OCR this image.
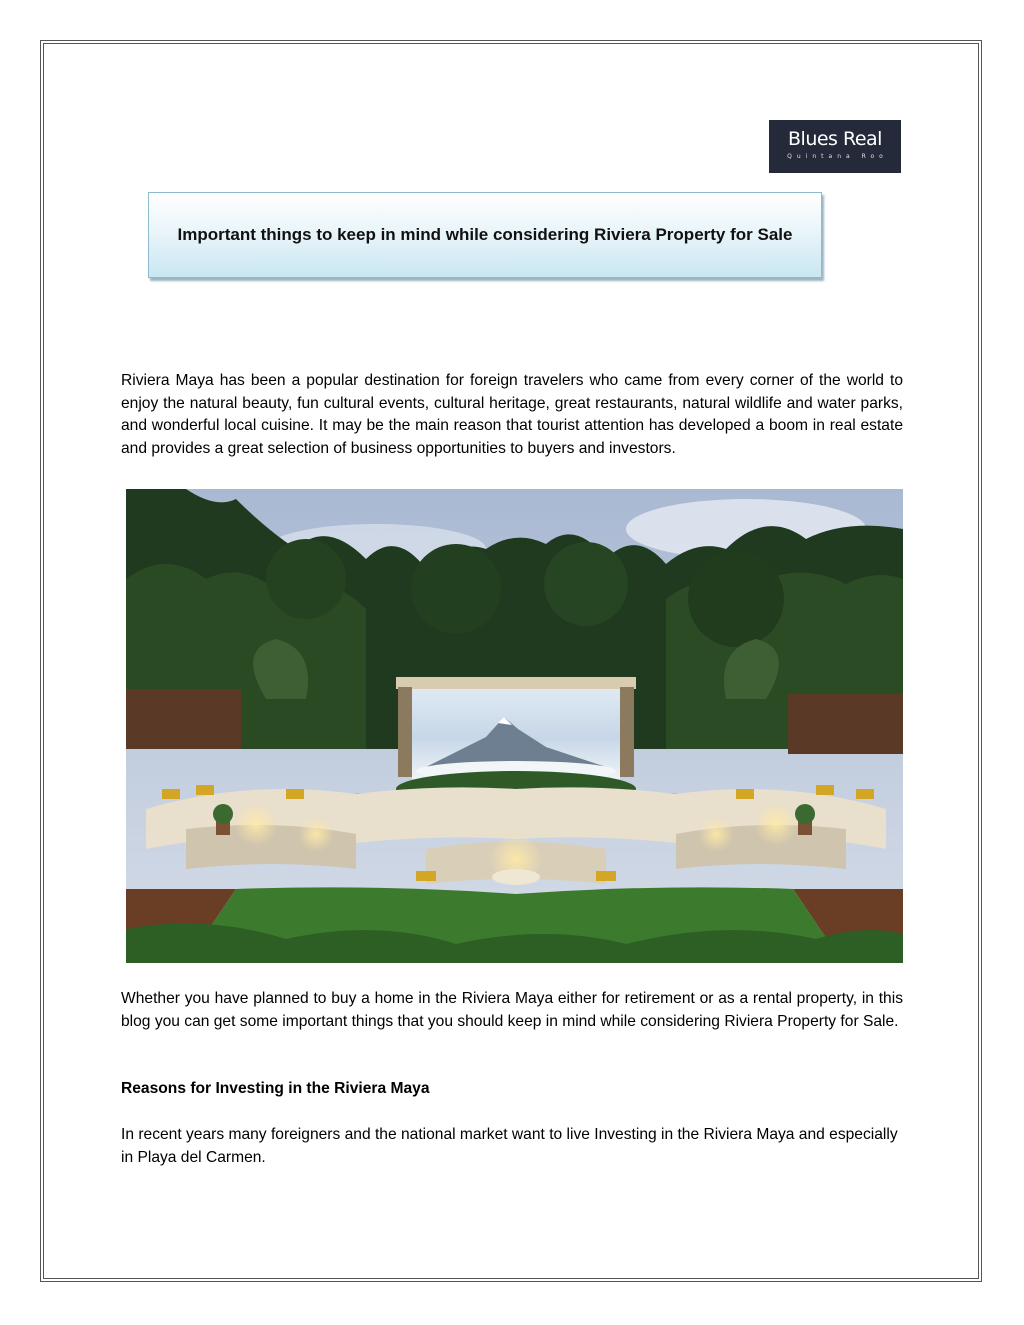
Blues Real
Quintana Roo
Important things to keep in mind while considering Riviera Property for Sale

Riviera Maya has been a popular destination for foreign travelers who came from every corner of the world to enjoy the natural beauty, fun cultural events, cultural heritage, great restaurants, natural wildlife and water parks, and wonderful local cuisine. It may be the main reason that tourist attention has developed a boom in real estate and provides a great selection of business opportunities to buyers and investors.

Whether you have planned to buy a home in the Riviera Maya either for retirement or as a rental property, in this blog you can get some important things that you should keep in mind while considering Riviera Property for Sale.

Reasons for Investing in the Riviera Maya

In recent years many foreigners and the national market want to live Investing in the Riviera Maya and especially in Playa del Carmen.
